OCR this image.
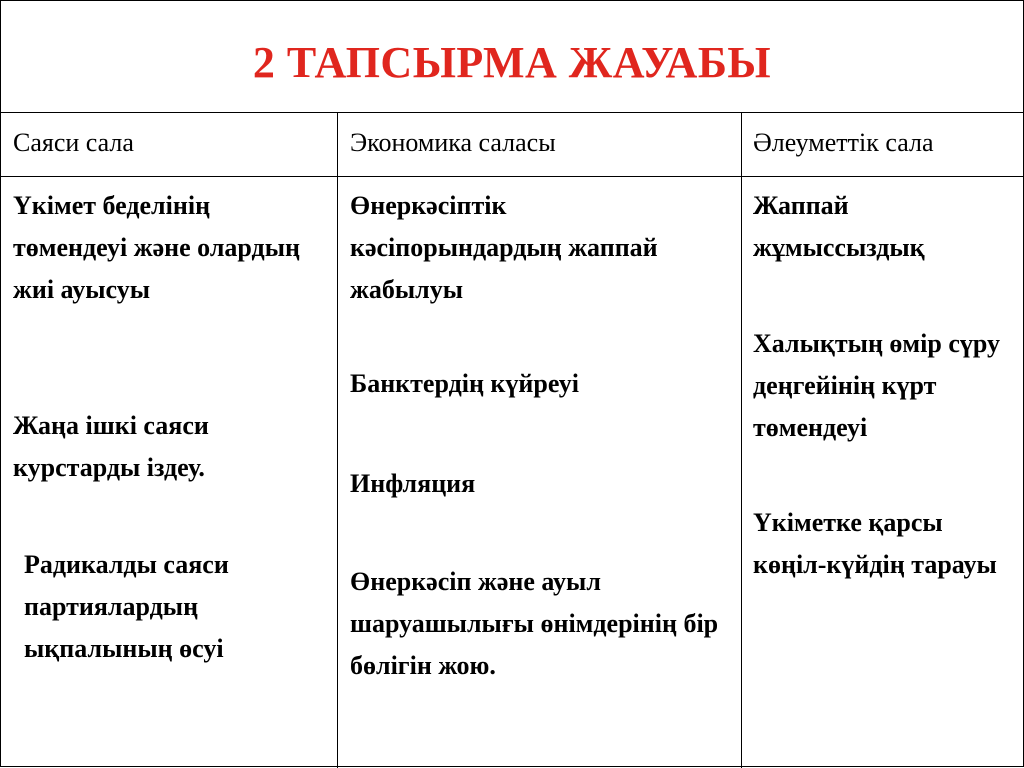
2 ТАПСЫРМА ЖАУАБЫ
Саяси сала	Экономика саласы	Әлеуметтік сала
Үкімет беделінің төмендеуі және олардың жиі ауысуы
Жаңа ішкі саяси курстарды іздеу.
Радикалды саяси партиялардың ықпалының өсуі
Өнеркәсіптік кәсіпорындардың жаппай жабылуы
Банктердің күйреуі
Инфляция
Өнеркәсіп және ауыл шаруашылығы өнімдерінің бір бөлігін жою.
Жаппай жұмыссыздық
Халықтың өмір сүру деңгейінің күрт төмендеуі
Үкіметке қарсы көңіл-күйдің тарауы
